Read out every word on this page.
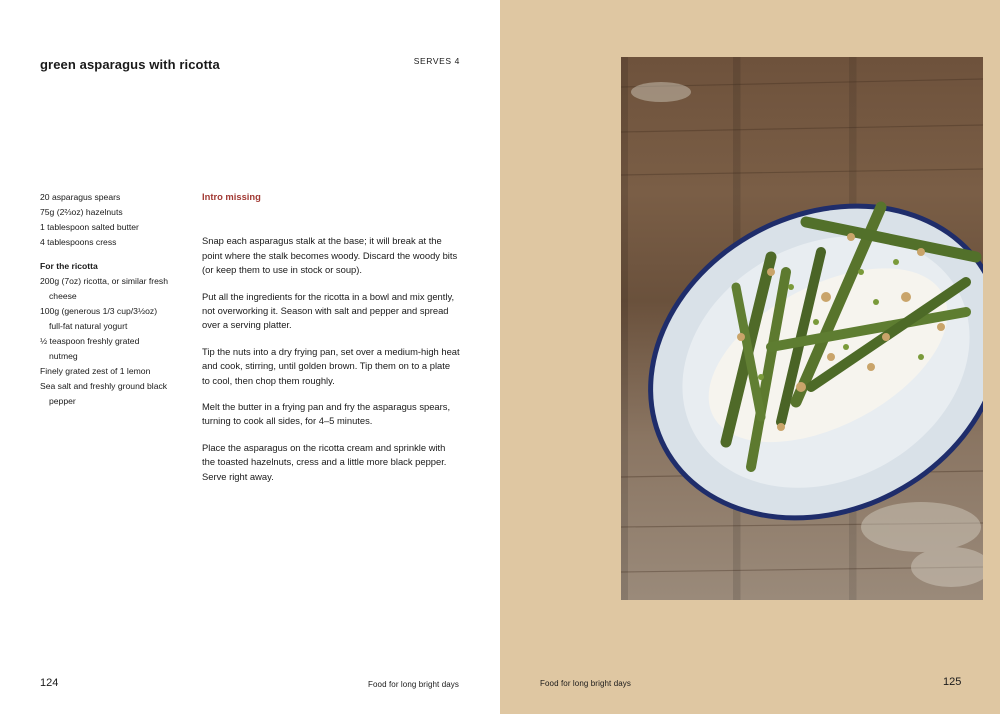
green asparagus with ricotta	SERVES 4
20 asparagus spears
75g (2⅔oz) hazelnuts
1 tablespoon salted butter
4 tablespoons cress
For the ricotta
200g (7oz) ricotta, or similar fresh cheese
100g (generous 1/3 cup/3½oz) full-fat natural yogurt
½ teaspoon freshly grated nutmeg
Finely grated zest of 1 lemon
Sea salt and freshly ground black pepper
Intro missing

Snap each asparagus stalk at the base; it will break at the point where the stalk becomes woody. Discard the woody bits (or keep them to use in stock or soup).

Put all the ingredients for the ricotta in a bowl and mix gently, not overworking it. Season with salt and pepper and spread over a serving platter.

Tip the nuts into a dry frying pan, set over a medium-high heat and cook, stirring, until golden brown. Tip them on to a plate to cool, then chop them roughly.

Melt the butter in a frying pan and fry the asparagus spears, turning to cook all sides, for 4–5 minutes.

Place the asparagus on the ricotta cream and sprinkle with the toasted hazelnuts, cress and a little more black pepper. Serve right away.

124	Food for long bright days	Food for long bright days	125
